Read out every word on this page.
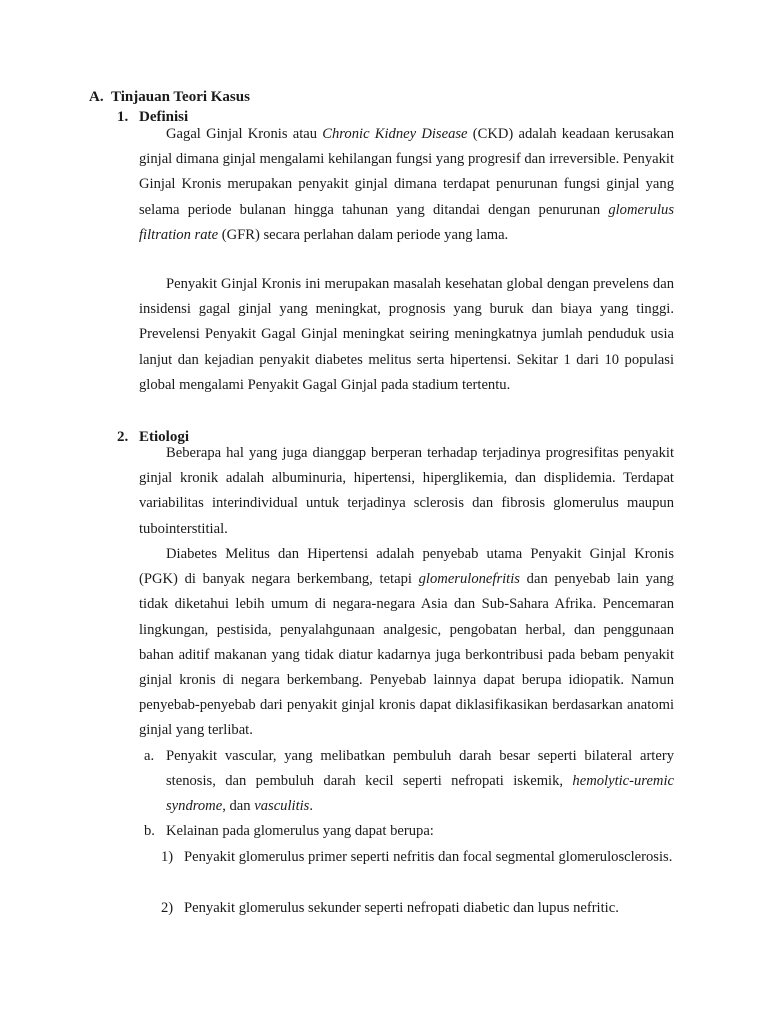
A. Tinjauan Teori Kasus
1. Definisi

Gagal Ginjal Kronis atau Chronic Kidney Disease (CKD) adalah keadaan kerusakan ginjal dimana ginjal mengalami kehilangan fungsi yang progresif dan irreversible. Penyakit Ginjal Kronis merupakan penyakit ginjal dimana terdapat penurunan fungsi ginjal yang selama periode bulanan hingga tahunan yang ditandai dengan penurunan glomerulus filtration rate (GFR) secara perlahan dalam periode yang lama.

Penyakit Ginjal Kronis ini merupakan masalah kesehatan global dengan prevelens dan insidensi gagal ginjal yang meningkat, prognosis yang buruk dan biaya yang tinggi. Prevelensi Penyakit Gagal Ginjal meningkat seiring meningkatnya jumlah penduduk usia lanjut dan kejadian penyakit diabetes melitus serta hipertensi. Sekitar 1 dari 10 populasi global mengalami Penyakit Gagal Ginjal pada stadium tertentu.

2. Etiologi

Beberapa hal yang juga dianggap berperan terhadap terjadinya progresifitas penyakit ginjal kronik adalah albuminuria, hipertensi, hiperglikemia, dan displidemia. Terdapat variabilitas interindividual untuk terjadinya sclerosis dan fibrosis glomerulus maupun tubointerstitial.

Diabetes Melitus dan Hipertensi adalah penyebab utama Penyakit Ginjal Kronis (PGK) di banyak negara berkembang, tetapi glomerulonefritis dan penyebab lain yang tidak diketahui lebih umum di negara-negara Asia dan Sub-Sahara Afrika. Pencemaran lingkungan, pestisida, penyalahgunaan analgesic, pengobatan herbal, dan penggunaan bahan aditif makanan yang tidak diatur kadarnya juga berkontribusi pada bebam penyakit ginjal kronis di negara berkembang. Penyebab lainnya dapat berupa idiopatik. Namun penyebab-penyebab dari penyakit ginjal kronis dapat diklasifikasikan berdasarkan anatomi ginjal yang terlibat.

a. Penyakit vascular, yang melibatkan pembuluh darah besar seperti bilateral artery stenosis, dan pembuluh darah kecil seperti nefropati iskemik, hemolytic-uremic syndrome, dan vasculitis.

b. Kelainan pada glomerulus yang dapat berupa:

1) Penyakit glomerulus primer seperti nefritis dan focal segmental glomerulosclerosis.

2) Penyakit glomerulus sekunder seperti nefropati diabetic dan lupus nefritic.
